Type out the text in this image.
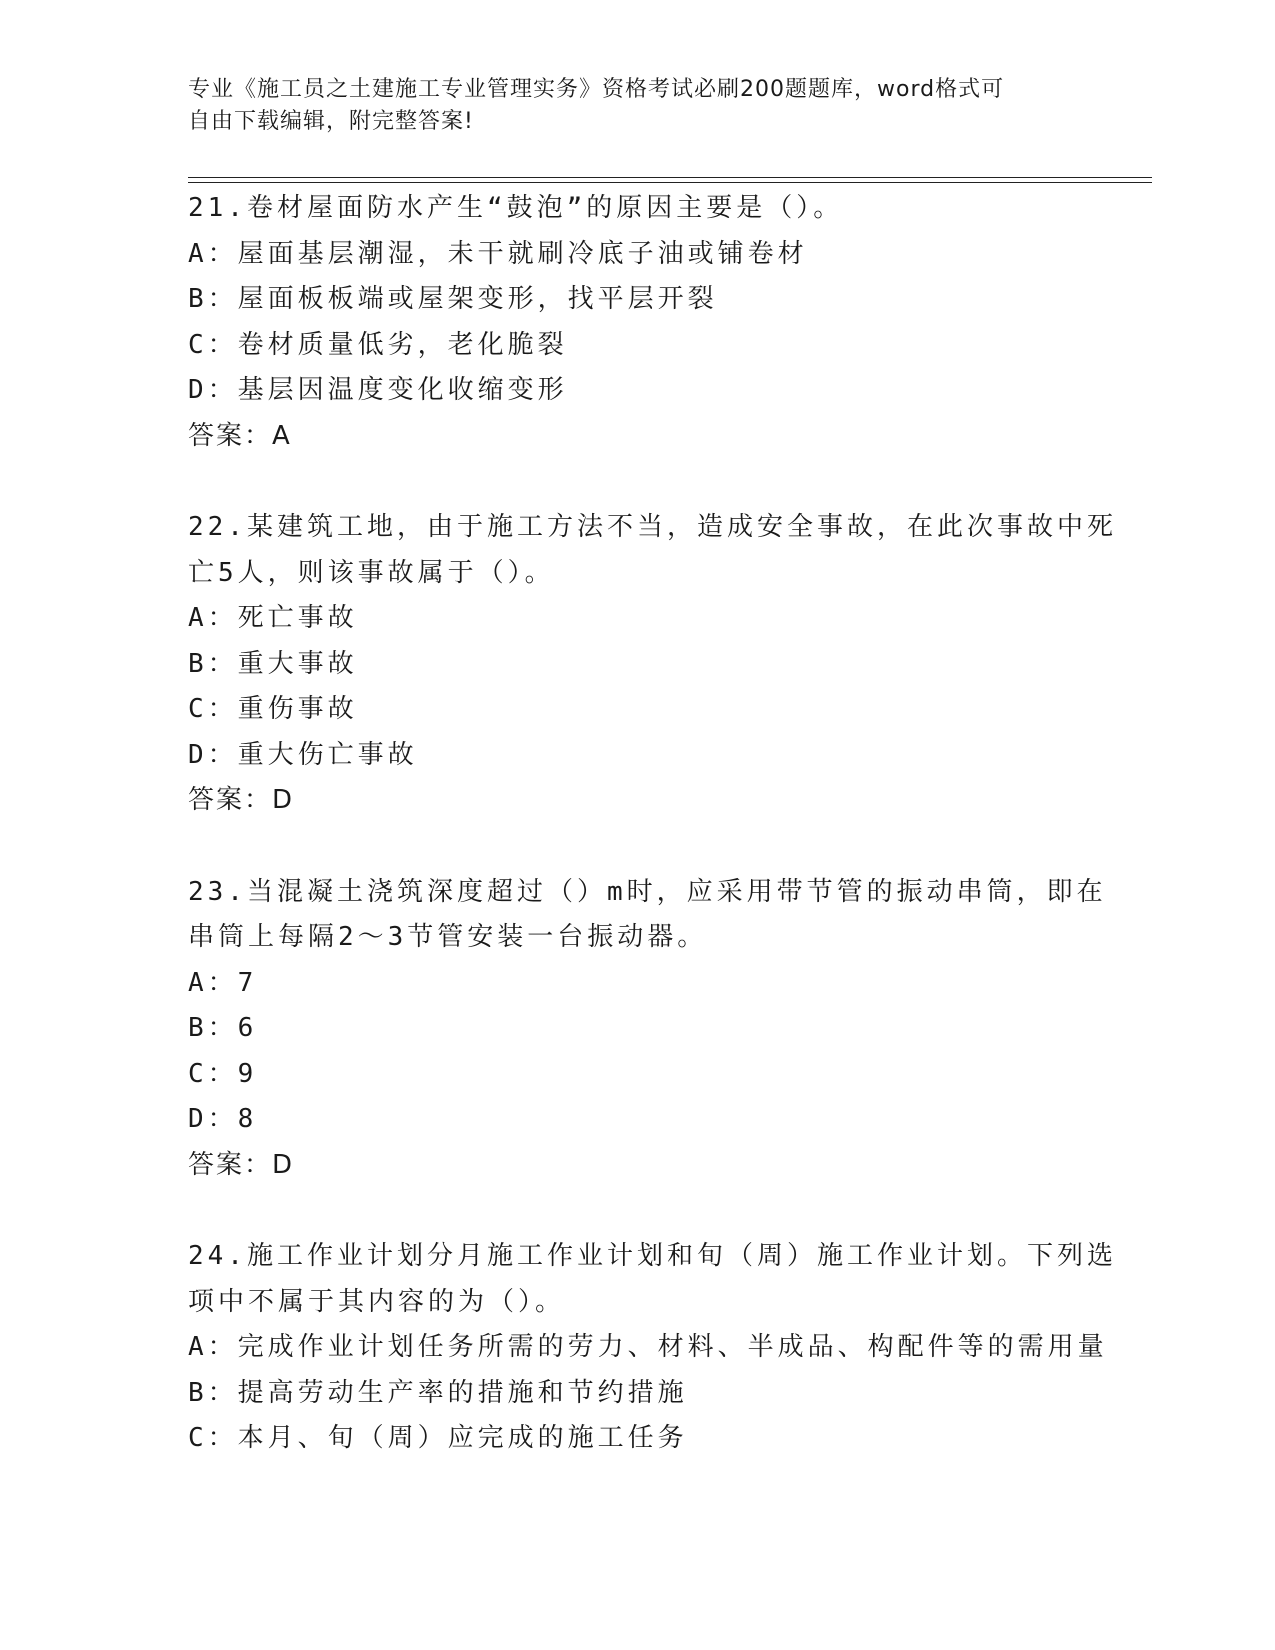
专业《施工员之土建施工专业管理实务》资格考试必刷200题题库，word格式可
自由下载编辑，附完整答案!
21.卷材屋面防水产生“鼓泡”的原因主要是（）。
A：屋面基层潮湿，未干就刷冷底子油或铺卷材
B：屋面板板端或屋架变形，找平层开裂
C：卷材质量低劣，老化脆裂
D：基层因温度变化收缩变形
答案：A
22.某建筑工地，由于施工方法不当，造成安全事故，在此次事故中死
亡5人，则该事故属于（）。
A：死亡事故
B：重大事故
C：重伤事故
D：重大伤亡事故
答案：D
23.当混凝土浇筑深度超过（）m时，应采用带节管的振动串筒，即在
串筒上每隔2～3节管安装一台振动器。
A：7
B：6
C：9
D：8
答案：D
24.施工作业计划分月施工作业计划和旬（周）施工作业计划。下列选
项中不属于其内容的为（）。
A：完成作业计划任务所需的劳力、材料、半成品、构配件等的需用量
B：提高劳动生产率的措施和节约措施
C：本月、旬（周）应完成的施工任务
